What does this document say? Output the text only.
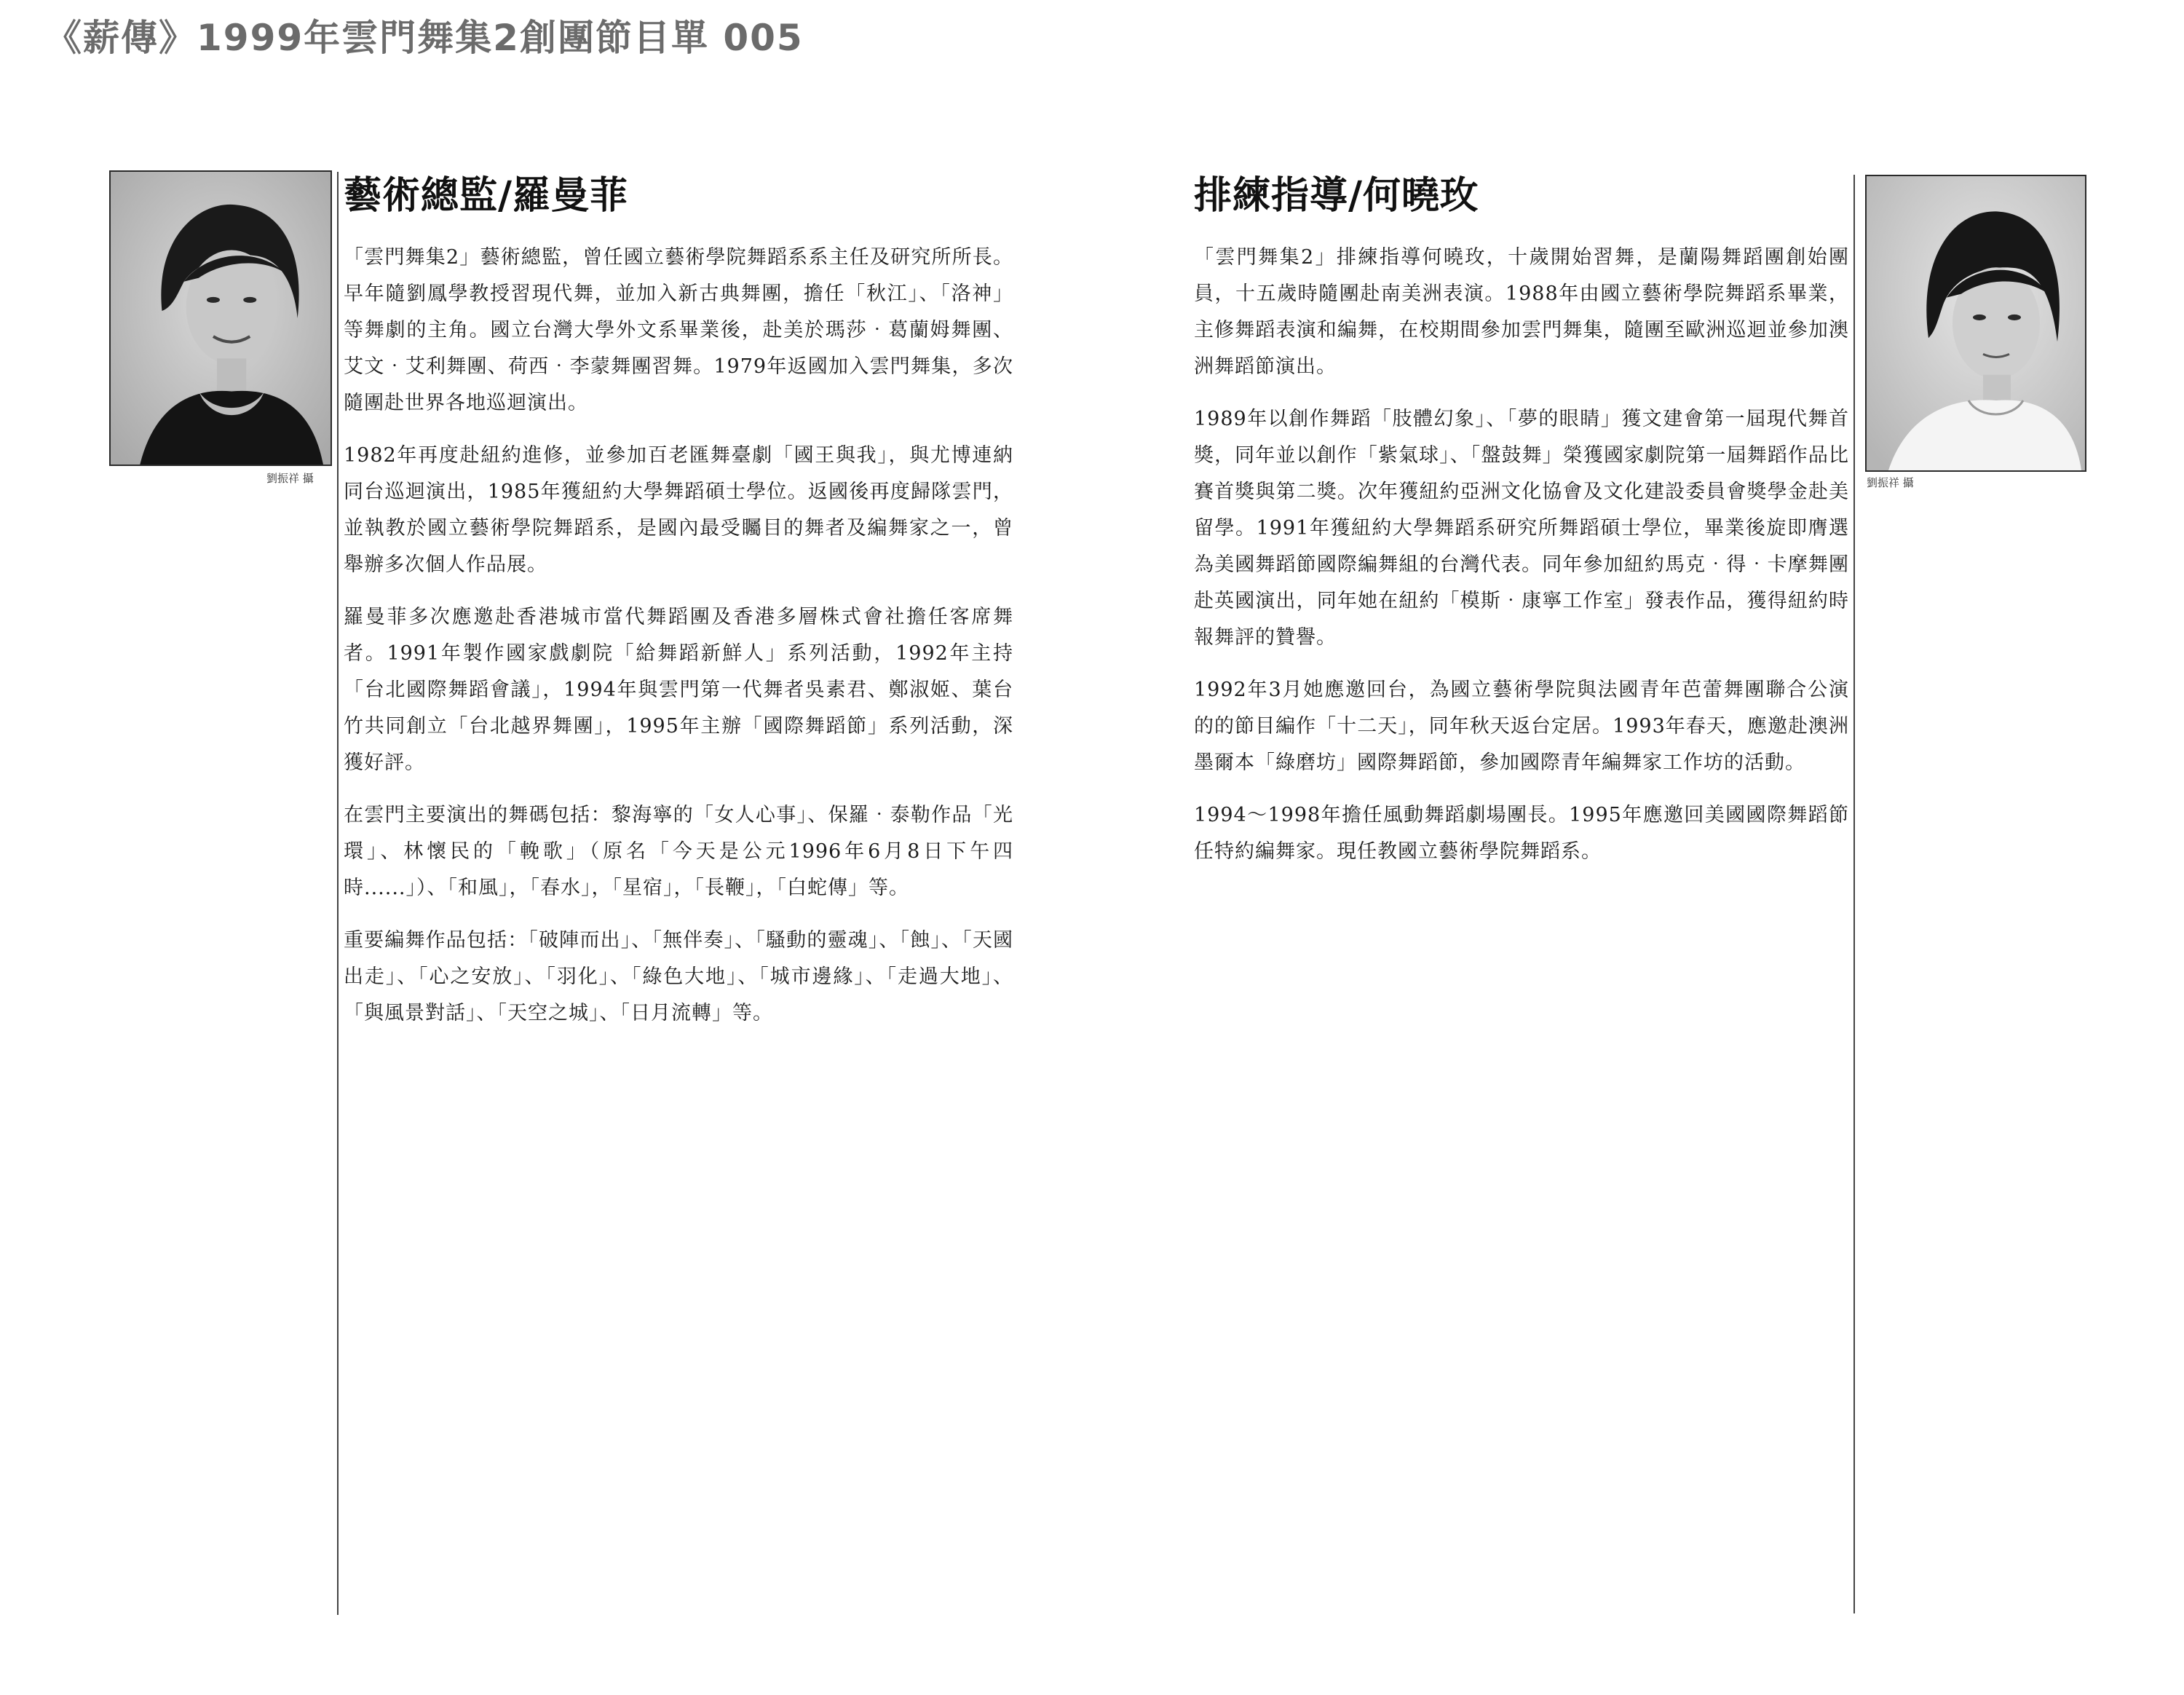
《薪傳》1999年雲門舞集2創團節目單 005
劉振祥 攝
藝術總監/羅曼菲

「雲門舞集2」藝術總監，曾任國立藝術學院舞蹈系系主任及研究所所長。早年隨劉鳳學教授習現代舞，並加入新古典舞團，擔任「秋江」、「洛神」等舞劇的主角。國立台灣大學外文系畢業後，赴美於瑪莎‧葛蘭姆舞團、艾文‧艾利舞團、荷西‧李蒙舞團習舞。1979年返國加入雲門舞集，多次隨團赴世界各地巡迴演出。

1982年再度赴紐約進修，並參加百老匯舞臺劇「國王與我」，與尤博連納同台巡迴演出，1985年獲紐約大學舞蹈碩士學位。返國後再度歸隊雲門，並執教於國立藝術學院舞蹈系，是國內最受矚目的舞者及編舞家之一，曾舉辦多次個人作品展。

羅曼菲多次應邀赴香港城市當代舞蹈團及香港多層株式會社擔任客席舞者。1991年製作國家戲劇院「給舞蹈新鮮人」系列活動，1992年主持「台北國際舞蹈會議」，1994年與雲門第一代舞者吳素君、鄭淑姬、葉台竹共同創立「台北越界舞團」，1995年主辦「國際舞蹈節」系列活動，深獲好評。

在雲門主要演出的舞碼包括：黎海寧的「女人心事」、保羅‧泰勒作品「光環」、林懷民的「輓歌」（原名「今天是公元1996年6月8日下午四時......」）、「和風」，「春水」，「星宿」，「長鞭」，「白蛇傳」等。

重要編舞作品包括：「破陣而出」、「無伴奏」、「騷動的靈魂」、「蝕」、「天國出走」、「心之安放」、「羽化」、「綠色大地」、「城市邊緣」、「走過大地」、「與風景對話」、「天空之城」、「日月流轉」等。

排練指導/何曉玫

「雲門舞集2」排練指導何曉玫，十歲開始習舞，是蘭陽舞蹈團創始團員，十五歲時隨團赴南美洲表演。1988年由國立藝術學院舞蹈系畢業，主修舞蹈表演和編舞，在校期間參加雲門舞集，隨團至歐洲巡迴並參加澳洲舞蹈節演出。

1989年以創作舞蹈「肢體幻象」、「夢的眼睛」獲文建會第一屆現代舞首獎，同年並以創作「紫氣球」、「盤鼓舞」榮獲國家劇院第一屆舞蹈作品比賽首獎與第二獎。次年獲紐約亞洲文化協會及文化建設委員會獎學金赴美留學。1991年獲紐約大學舞蹈系研究所舞蹈碩士學位，畢業後旋即膺選為美國舞蹈節國際編舞組的台灣代表。同年參加紐約馬克‧得‧卡摩舞團赴英國演出，同年她在紐約「模斯‧康寧工作室」發表作品，獲得紐約時報舞評的贊譽。

1992年3月她應邀回台，為國立藝術學院與法國青年芭蕾舞團聯合公演的的節目編作「十二天」，同年秋天返台定居。1993年春天，應邀赴澳洲墨爾本「綠磨坊」國際舞蹈節，參加國際青年編舞家工作坊的活動。

1994～1998年擔任風動舞蹈劇場團長。1995年應邀回美國國際舞蹈節任特約編舞家。現任教國立藝術學院舞蹈系。

劉振祥 攝
